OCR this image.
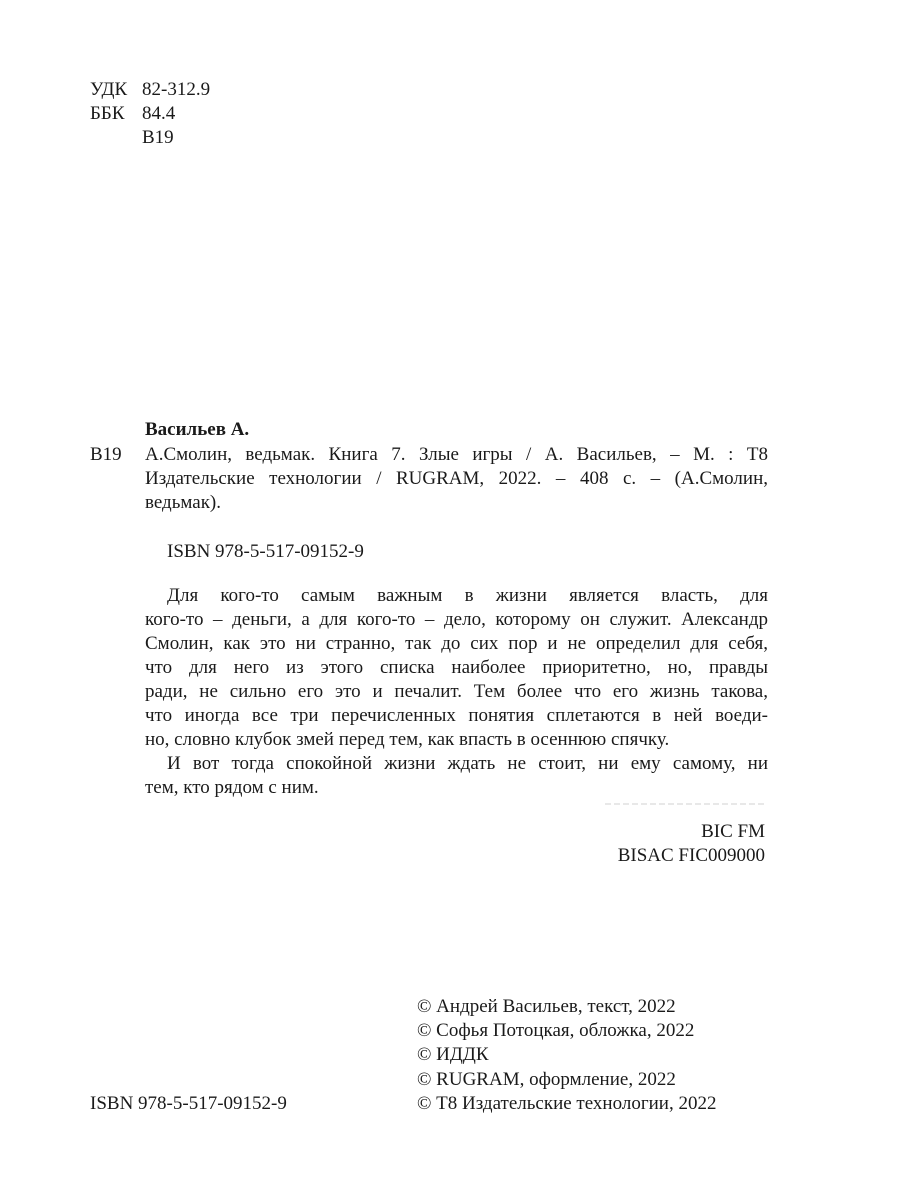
УДК 82-312.9
ББК 84.4
В19
Васильев А.
В19 А.Смолин, ведьмак. Книга 7. Злые игры / А. Васильев, – М. : Т8
Издательские технологии / RUGRAM, 2022. – 408 с. – (А.Смолин,
ведьмак).
ISBN 978-5-517-09152-9
Для кого-то самым важным в жизни является власть, для
кого-то – деньги, а для кого-то – дело, которому он служит. Александр
Смолин, как это ни странно, так до сих пор и не определил для себя,
что для него из этого списка наиболее приоритетно, но, правды
ради, не сильно его это и печалит. Тем более что его жизнь такова,
что иногда все три перечисленных понятия сплетаются в ней воеди-
но, словно клубок змей перед тем, как впасть в осеннюю спячку.
И вот тогда спокойной жизни ждать не стоит, ни ему самому, ни
тем, кто рядом с ним.
BIC FM
BISAC FIC009000
© Андрей Васильев, текст, 2022
© Софья Потоцкая, обложка, 2022
© ИДДК
© RUGRAM, оформление, 2022
© Т8 Издательские технологии, 2022
ISBN 978-5-517-09152-9
